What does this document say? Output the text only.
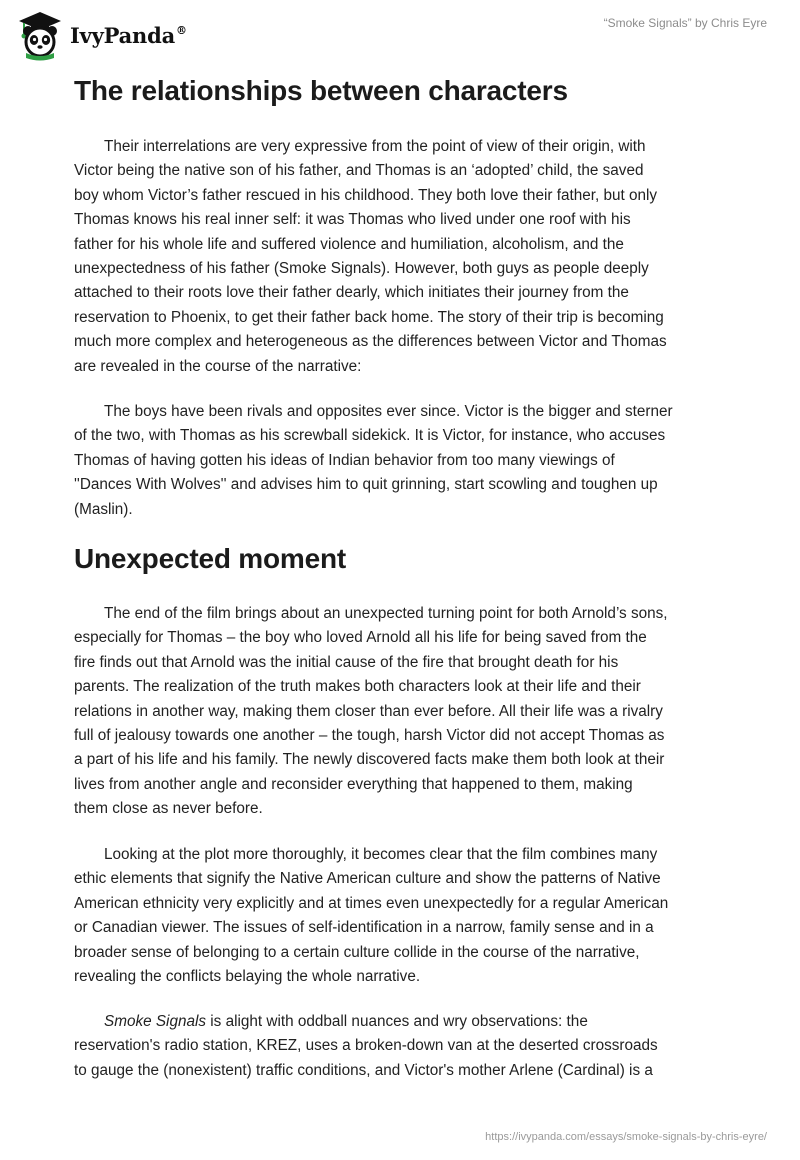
IvyPanda®	“Smoke Signals” by Chris Eyre
The relationships between characters

Their interrelations are very expressive from the point of view of their origin, with
Victor being the native son of his father, and Thomas is an ‘adopted’ child, the saved
boy whom Victor’s father rescued in his childhood. They both love their father, but only
Thomas knows his real inner self: it was Thomas who lived under one roof with his
father for his whole life and suffered violence and humiliation, alcoholism, and the
unexpectedness of his father (Smoke Signals). However, both guys as people deeply
attached to their roots love their father dearly, which initiates their journey from the
reservation to Phoenix, to get their father back home. The story of their trip is becoming
much more complex and heterogeneous as the differences between Victor and Thomas
are revealed in the course of the narrative:

The boys have been rivals and opposites ever since. Victor is the bigger and sterner
of the two, with Thomas as his screwball sidekick. It is Victor, for instance, who accuses
Thomas of having gotten his ideas of Indian behavior from too many viewings of
''Dances With Wolves'' and advises him to quit grinning, start scowling and toughen up
(Maslin).

Unexpected moment

The end of the film brings about an unexpected turning point for both Arnold’s sons,
especially for Thomas – the boy who loved Arnold all his life for being saved from the
fire finds out that Arnold was the initial cause of the fire that brought death for his
parents. The realization of the truth makes both characters look at their life and their
relations in another way, making them closer than ever before. All their life was a rivalry
full of jealousy towards one another – the tough, harsh Victor did not accept Thomas as
a part of his life and his family. The newly discovered facts make them both look at their
lives from another angle and reconsider everything that happened to them, making
them close as never before.

Looking at the plot more thoroughly, it becomes clear that the film combines many
ethic elements that signify the Native American culture and show the patterns of Native
American ethnicity very explicitly and at times even unexpectedly for a regular American
or Canadian viewer. The issues of self-identification in a narrow, family sense and in a
broader sense of belonging to a certain culture collide in the course of the narrative,
revealing the conflicts belaying the whole narrative.

Smoke Signals is alight with oddball nuances and wry observations: the
reservation's radio station, KREZ, uses a broken-down van at the deserted crossroads
to gauge the (nonexistent) traffic conditions, and Victor's mother Arlene (Cardinal) is a

https://ivypanda.com/essays/smoke-signals-by-chris-eyre/
